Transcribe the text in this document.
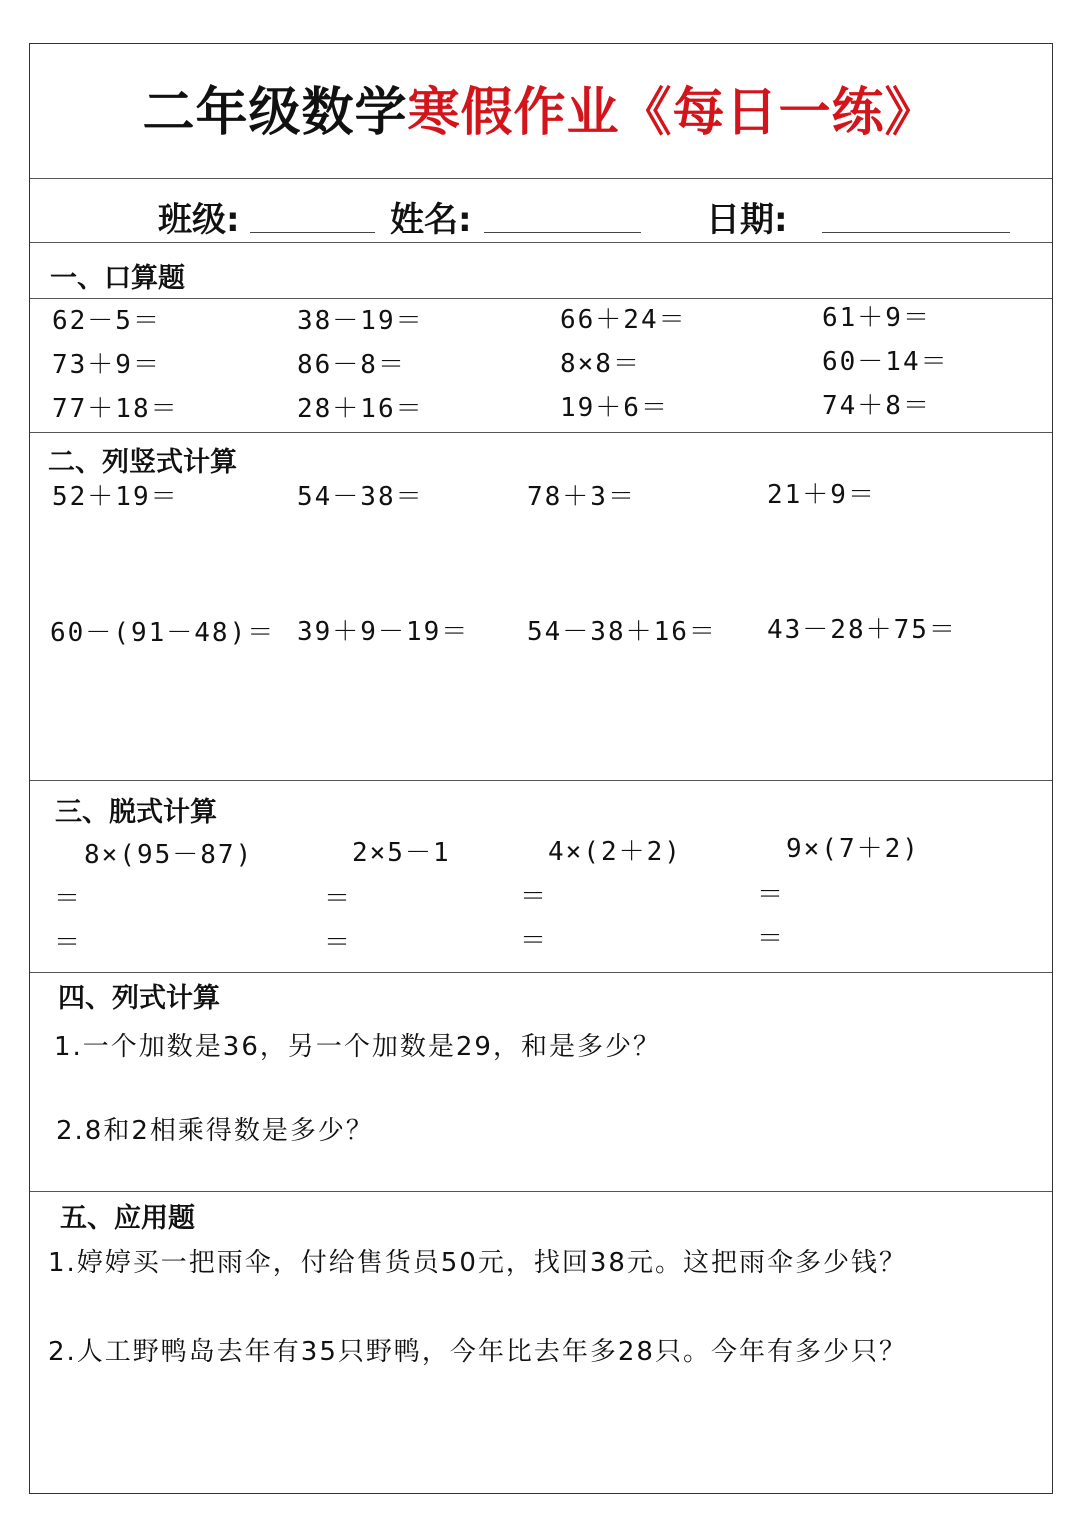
二年级数学寒假作业《每日一练》
班级:	姓名:	日期:
一、口算题
62－5＝	38－19＝	66＋24＝	61＋9＝
73＋9＝	86－8＝	8×8＝	60－14＝
77＋18＝	28＋16＝	19＋6＝	74＋8＝
二、列竖式计算
52＋19＝	54－38＝	78＋3＝	21＋9＝
60－(91－48)＝ 39＋9－19＝ 54－38＋16＝ 43－28＋75＝
三、脱式计算
8×(95－87)	2×5－1	4×(2＋2)	9×(7＋2)
＝	＝	＝	＝
＝	＝	＝	＝
四、列式计算
1.一个加数是36，另一个加数是29，和是多少？
2.8和2相乘得数是多少？
五、应用题
1.婷婷买一把雨伞，付给售货员50元，找回38元。这把雨伞多少钱？
2.人工野鸭岛去年有35只野鸭，今年比去年多28只。今年有多少只？
